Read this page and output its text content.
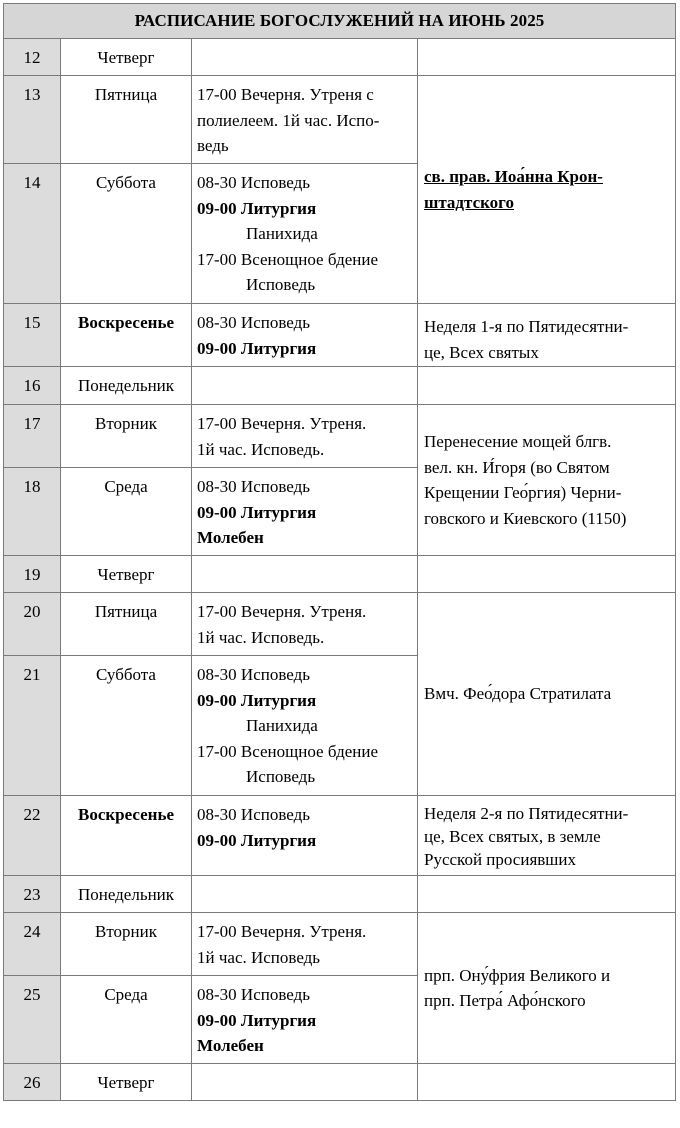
РАСПИСАНИЕ БОГОСЛУЖЕНИЙ НА ИЮНЬ 2025			
12	Четверг		
13	Пятница	17-00 Вечерня. Утреня с
полиелеем. 1й час. Испо-
ведь	св. прав. Иоа́нна Крон-
штадтского

14	Суббота	08-30 Исповедь
09-00 Литургия
Панихида
17-00 Всенощное бдение
Исповедь	

15	Воскресенье	08-30 Исповедь
09-00 Литургия	Неделя 1-я по Пятидесятни-
це, Всех святых

16	Понедельник		
17	Вторник	17-00 Вечерня. Утреня.
1й час. Исповедь.	Перенесение мощей блгв.
вел. кн. И́горя (во Святом
Крещении Гео́ргия) Черни-
говского и Киевского (1150)

18	Среда	08-30 Исповедь
09-00 Литургия
Молебен	

19	Четверг		
20	Пятница	17-00 Вечерня. Утреня.
1й час. Исповедь.	Вмч. Фео́дора Стратилата

21	Суббота	08-30 Исповедь
09-00 Литургия
Панихида
17-00 Всенощное бдение
Исповедь	

22	Воскресенье	08-30 Исповедь
09-00 Литургия	Неделя 2-я по Пятидесятни-
це, Всех святых, в земле
Русской просиявших

23	Понедельник		
24	Вторник	17-00 Вечерня. Утреня.
1й час. Исповедь	прп. Ону́фрия Великого и
прп. Петра́ Афо́нского

25	Среда	08-30 Исповедь
09-00 Литургия
Молебен	

26	Четверг		
